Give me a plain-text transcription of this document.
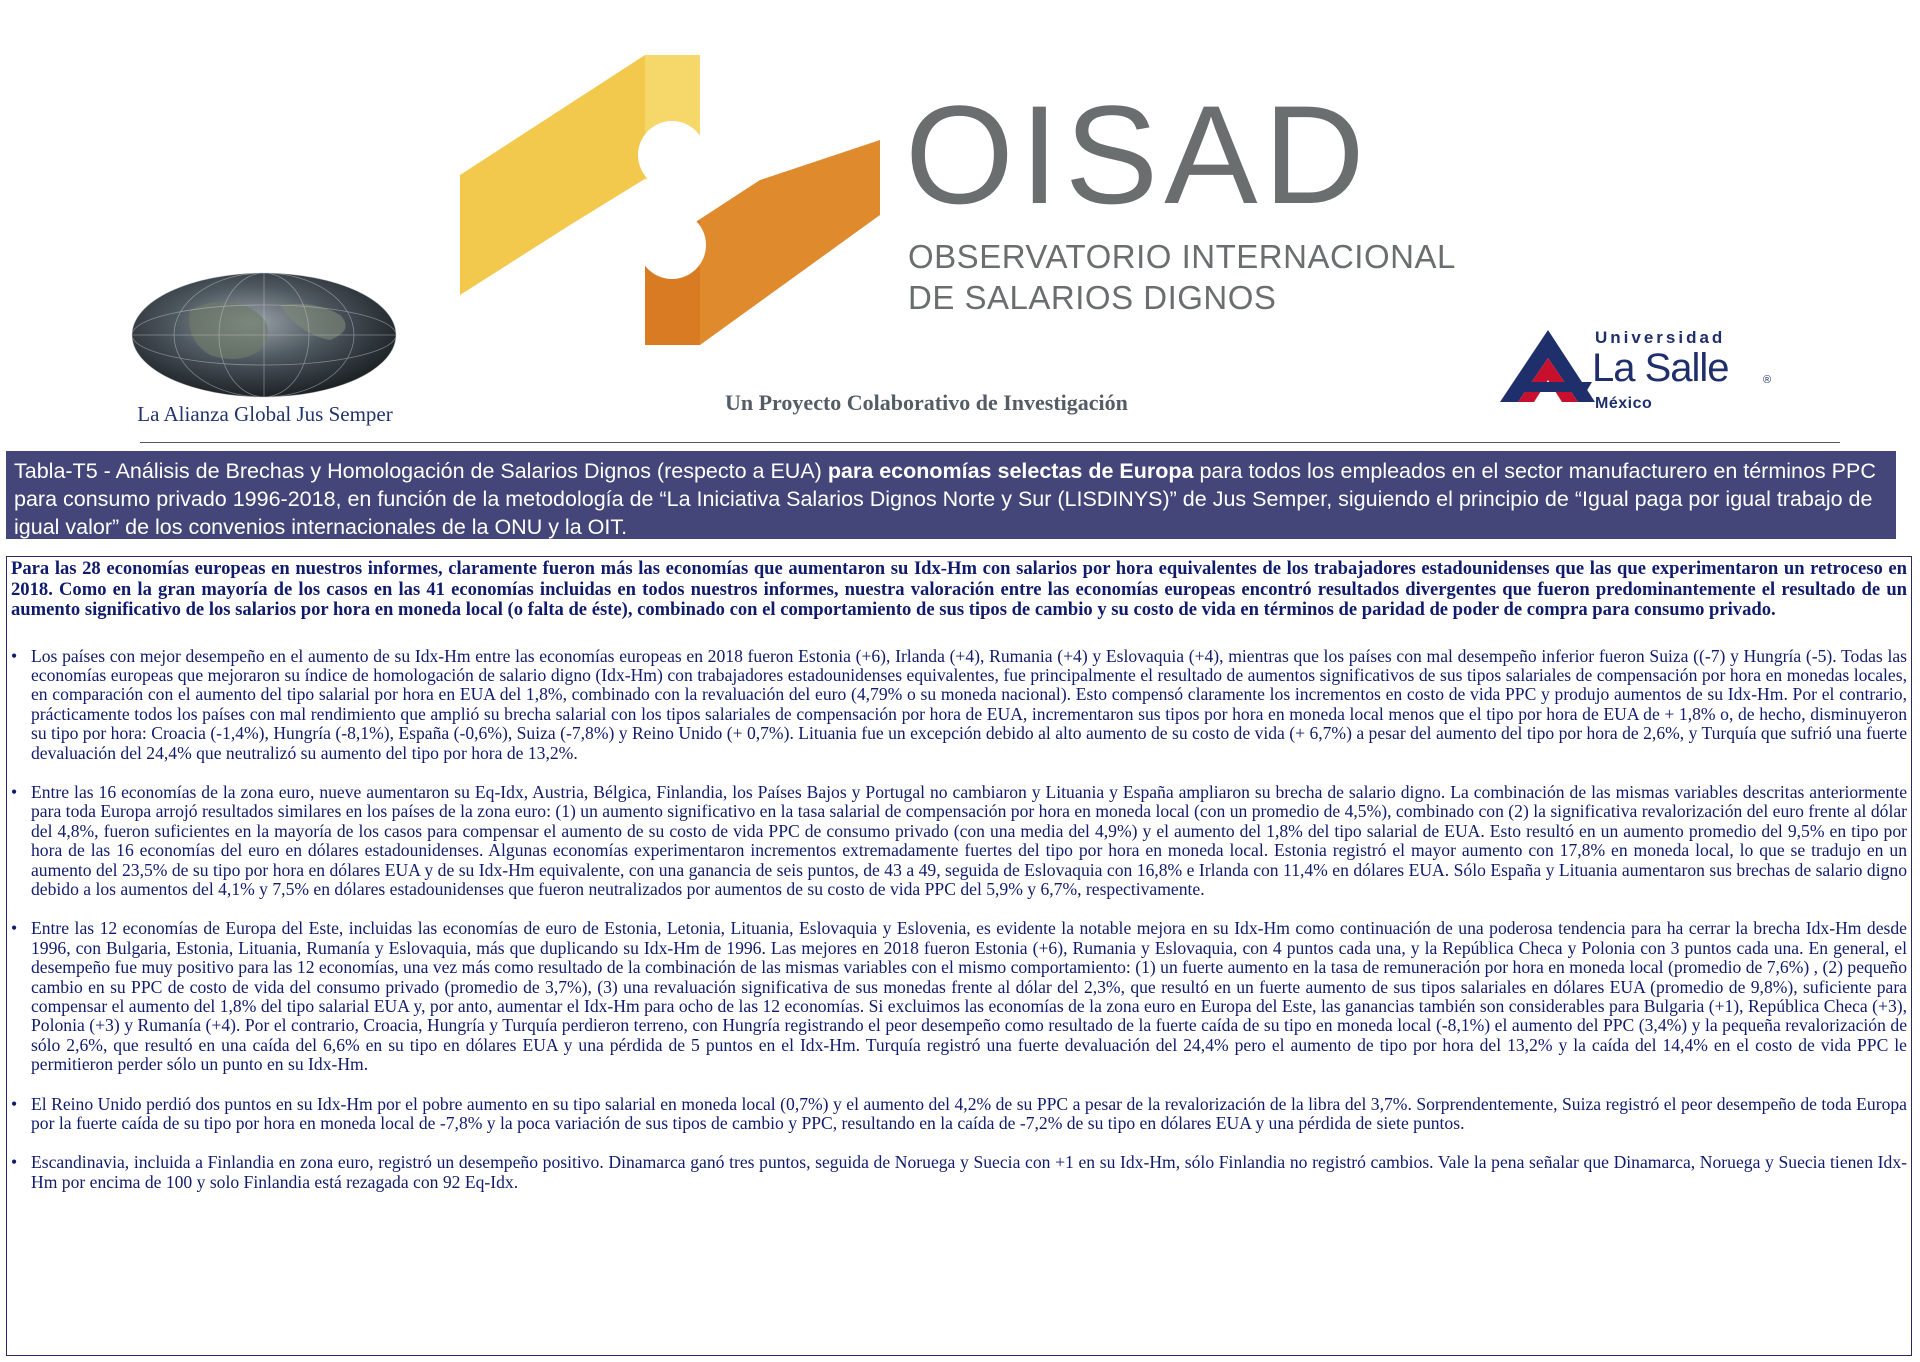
La Alianza Global Jus Semper
OISAD
OBSERVATORIO INTERNACIONAL
DE SALARIOS DIGNOS
Un Proyecto Colaborativo de Investigación
Universidad
La Salle	®
México
Tabla-T5 - Análisis de Brechas y Homologación de Salarios Dignos (respecto a EUA) para economías selectas de Europa para todos los empleados en el sector manufacturero en términos PPC para consumo privado 1996-2018, en función de la metodología de “La Iniciativa Salarios Dignos Norte y Sur (LISDINYS)” de Jus Semper, siguiendo el principio de “Igual paga por igual trabajo de igual valor” de los convenios internacionales de la ONU y la OIT.

Para las 28 economías europeas en nuestros informes, claramente fueron más las economías que aumentaron su Idx-Hm con salarios por hora equivalentes de los trabajadores estadounidenses que las que experimentaron un retroceso en 2018. Como en la gran mayoría de los casos en las 41 economías incluidas en todos nuestros informes, nuestra valoración entre las economías europeas encontró resultados divergentes que fueron predominantemente el resultado de un aumento significativo de los salarios por hora en moneda local (o falta de éste), combinado con el comportamiento de sus tipos de cambio y su costo de vida en términos de paridad de poder de compra para consumo privado.

• Los países con mejor desempeño en el aumento de su Idx-Hm entre las economías europeas en 2018 fueron Estonia (+6), Irlanda (+4), Rumania (+4) y Eslovaquia (+4), mientras que los países con mal desempeño inferior fueron Suiza ((-7) y Hungría (-5). Todas las economías europeas que mejoraron su índice de homologación de salario digno (Idx-Hm) con trabajadores estadounidenses equivalentes, fue principalmente el resultado de aumentos significativos de sus tipos salariales de compensación por hora en monedas locales, en comparación con el aumento del tipo salarial por hora en EUA del 1,8%, combinado con la revaluación del euro (4,79% o su moneda nacional). Esto compensó claramente los incrementos en costo de vida PPC y produjo aumentos de su Idx-Hm. Por el contrario, prácticamente todos los países con mal rendimiento que amplió su brecha salarial con los tipos salariales de compensación por hora de EUA, incrementaron sus tipos por hora en moneda local menos que el tipo por hora de EUA de + 1,8% o, de hecho, disminuyeron su tipo por hora: Croacia (-1,4%), Hungría (-8,1%), España (-0,6%), Suiza (-7,8%) y Reino Unido (+ 0,7%). Lituania fue un excepción debido al alto aumento de su costo de vida (+ 6,7%) a pesar del aumento del tipo por hora de 2,6%, y Turquía que sufrió una fuerte devaluación del 24,4% que neutralizó su aumento del tipo por hora de 13,2%.
• Entre las 16 economías de la zona euro, nueve aumentaron su Eq-Idx, Austria, Bélgica, Finlandia, los Países Bajos y Portugal no cambiaron y Lituania y España ampliaron su brecha de salario digno. La combinación de las mismas variables descritas anteriormente para toda Europa arrojó resultados similares en los países de la zona euro: (1) un aumento significativo en la tasa salarial de compensación por hora en moneda local (con un promedio de 4,5%), combinado con (2) la significativa revalorización del euro frente al dólar del 4,8%, fueron suficientes en la mayoría de los casos para compensar el aumento de su costo de vida PPC de consumo privado (con una media del 4,9%) y el aumento del 1,8% del tipo salarial de EUA. Esto resultó en un aumento promedio del 9,5% en tipo por hora de las 16 economías del euro en dólares estadounidenses. Algunas economías experimentaron incrementos extremadamente fuertes del tipo por hora en moneda local. Estonia registró el mayor aumento con 17,8% en moneda local, lo que se tradujo en un aumento del 23,5% de su tipo por hora en dólares EUA y de su Idx-Hm equivalente, con una ganancia de seis puntos, de 43 a 49, seguida de Eslovaquia con 16,8% e Irlanda con 11,4% en dólares EUA. Sólo España y Lituania aumentaron sus brechas de salario digno debido a los aumentos del 4,1% y 7,5% en dólares estadounidenses que fueron neutralizados por aumentos de su costo de vida PPC del 5,9% y 6,7%, respectivamente.
• Entre las 12 economías de Europa del Este, incluidas las economías de euro de Estonia, Letonia, Lituania, Eslovaquia y Eslovenia, es evidente la notable mejora en su Idx-Hm como continuación de una poderosa tendencia para ha cerrar la brecha Idx-Hm desde 1996, con Bulgaria, Estonia, Lituania, Rumanía y Eslovaquia, más que duplicando su Idx-Hm de 1996. Las mejores en 2018 fueron Estonia (+6), Rumania y Eslovaquia, con 4 puntos cada una, y la República Checa y Polonia con 3 puntos cada una. En general, el desempeño fue muy positivo para las 12 economías, una vez más como resultado de la combinación de las mismas variables con el mismo comportamiento: (1) un fuerte aumento en la tasa de remuneración por hora en moneda local (promedio de 7,6%) , (2) pequeño cambio en su PPC de costo de vida del consumo privado (promedio de 3,7%), (3) una revaluación significativa de sus monedas frente al dólar del 2,3%, que resultó en un fuerte aumento de sus tipos salariales en dólares EUA (promedio de 9,8%), suficiente para compensar el aumento del 1,8% del tipo salarial EUA y, por anto, aumentar el Idx-Hm para ocho de las 12 economías. Si excluimos las economías de la zona euro en Europa del Este, las ganancias también son considerables para Bulgaria (+1), República Checa (+3), Polonia (+3) y Rumanía (+4). Por el contrario, Croacia, Hungría y Turquía perdieron terreno, con Hungría registrando el peor desempeño como resultado de la fuerte caída de su tipo en moneda local (-8,1%) el aumento del PPC (3,4%) y la pequeña revalorización de sólo 2,6%, que resultó en una caída del 6,6% en su tipo en dólares EUA y una pérdida de 5 puntos en el Idx-Hm. Turquía registró una fuerte devaluación del 24,4% pero el aumento de tipo por hora del 13,2% y la caída del 14,4% en el costo de vida PPC le permitieron perder sólo un punto en su Idx-Hm.
• El Reino Unido perdió dos puntos en su Idx-Hm por el pobre aumento en su tipo salarial en moneda local (0,7%) y el aumento del 4,2% de su PPC a pesar de la revalorización de la libra del 3,7%. Sorprendentemente, Suiza registró el peor desempeño de toda Europa por la fuerte caída de su tipo por hora en moneda local de -7,8% y la poca variación de sus tipos de cambio y PPC, resultando en la caída de -7,2% de su tipo en dólares EUA y una pérdida de siete puntos.
• Escandinavia, incluida a Finlandia en zona euro, registró un desempeño positivo. Dinamarca ganó tres puntos, seguida de Noruega y Suecia con +1 en su Idx-Hm, sólo Finlandia no registró cambios. Vale la pena señalar que Dinamarca, Noruega y Suecia tienen Idx-Hm por encima de 100 y solo Finlandia está rezagada con 92 Eq-Idx.
